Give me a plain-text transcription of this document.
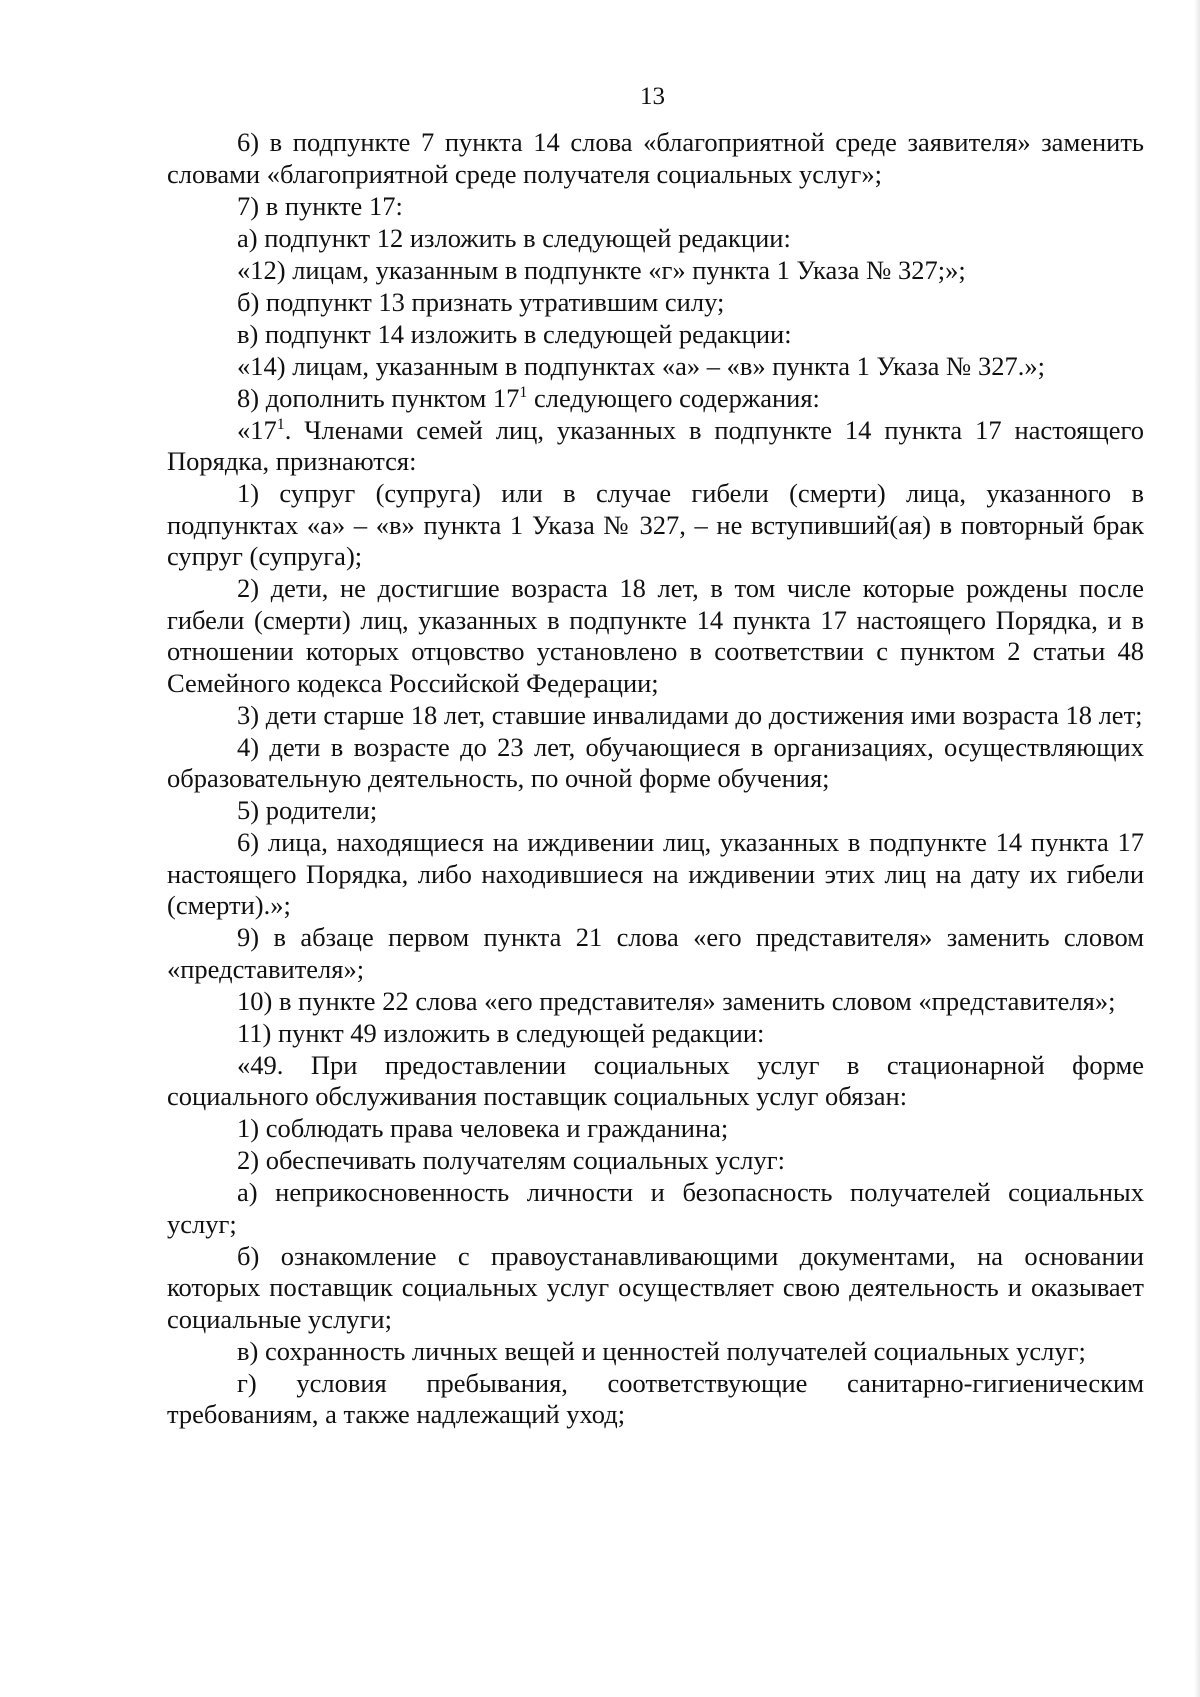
13

6) в подпункте 7 пункта 14 слова «благоприятной среде заявителя» заменить словами «благоприятной среде получателя социальных услуг»;

7) в пункте 17:

а) подпункт 12 изложить в следующей редакции:

«12) лицам, указанным в подпункте «г» пункта 1 Указа № 327;»;

б) подпункт 13 признать утратившим силу;

в) подпункт 14 изложить в следующей редакции:

«14) лицам, указанным в подпунктах «а» – «в» пункта 1 Указа № 327.»;

8) дополнить пунктом $17^1$ следующего содержания:

«$17^1$. Членами семей лиц, указанных в подпункте 14 пункта 17 настоящего Порядка, признаются:

1) супруг (супруга) или в случае гибели (смерти) лица, указанного в подпунктах «а» – «в» пункта 1 Указа № 327, – не вступивший(ая) в повторный брак супруг (супруга);

2) дети, не достигшие возраста 18 лет, в том числе которые рождены после гибели (смерти) лиц, указанных в подпункте 14 пункта 17 настоящего Порядка, и в отношении которых отцовство установлено в соответствии с пунктом 2 статьи 48 Семейного кодекса Российской Федерации;

3) дети старше 18 лет, ставшие инвалидами до достижения ими возраста 18 лет;

4) дети в возрасте до 23 лет, обучающиеся в организациях, осуществляющих образовательную деятельность, по очной форме обучения;

5) родители;

6) лица, находящиеся на иждивении лиц, указанных в подпункте 14 пункта 17 настоящего Порядка, либо находившиеся на иждивении этих лиц на дату их гибели (смерти).»;

9) в абзаце первом пункта 21 слова «его представителя» заменить словом «представителя»;

10) в пункте 22 слова «его представителя» заменить словом «представителя»;

11) пункт 49 изложить в следующей редакции:

«49. При предоставлении социальных услуг в стационарной форме социального обслуживания поставщик социальных услуг обязан:

1) соблюдать права человека и гражданина;

2) обеспечивать получателям социальных услуг:

а) неприкосновенность личности и безопасность получателей социальных услуг;

б) ознакомление с правоустанавливающими документами, на основании которых поставщик социальных услуг осуществляет свою деятельность и оказывает социальные услуги;

в) сохранность личных вещей и ценностей получателей социальных услуг;

г) условия пребывания, соответствующие санитарно-гигиеническим требованиям, а также надлежащий уход;
